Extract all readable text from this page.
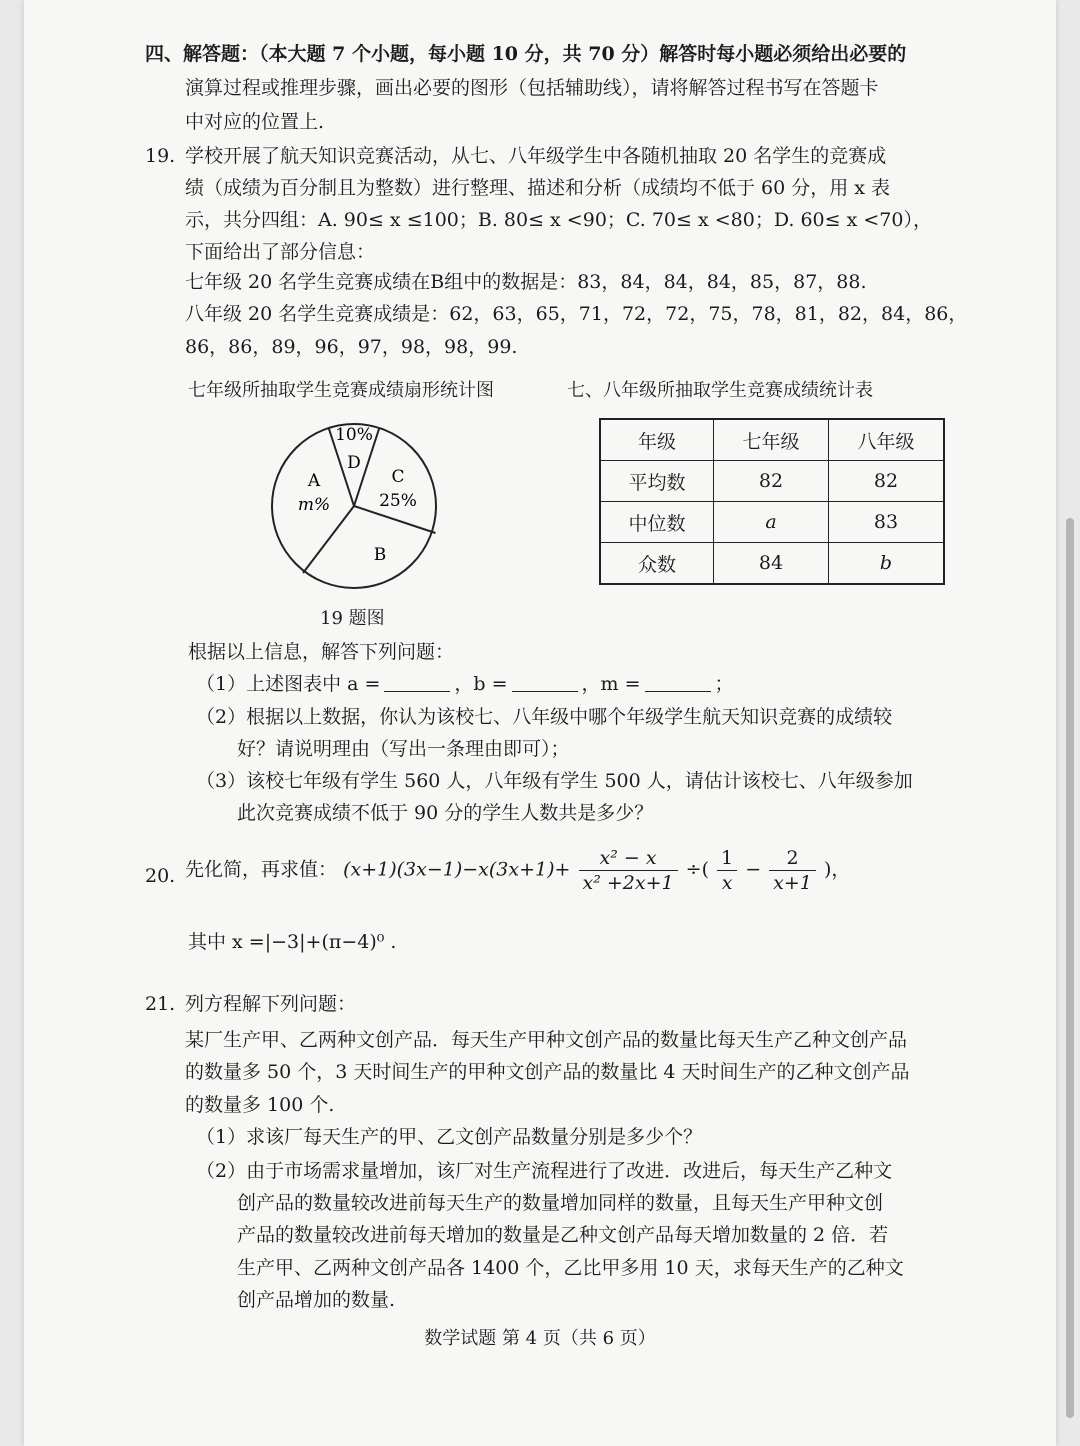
四、解答题：（本大题 7 个小题，每小题 10 分，共 70 分）解答时每小题必须给出必要的
演算过程或推理步骤，画出必要的图形（包括辅助线），请将解答过程书写在答题卡
中对应的位置上.
19. 学校开展了航天知识竞赛活动，从七、八年级学生中各随机抽取 20 名学生的竞赛成
绩（成绩为百分制且为整数）进行整理、描述和分析（成绩均不低于 60 分，用 x 表
示，共分四组：A. 90≤ x ≤100；B. 80≤ x <90；C. 70≤ x <80；D. 60≤ x <70），
下面给出了部分信息：
七年级 20 名学生竞赛成绩在B组中的数据是：83，84，84，84，85，87，88.
八年级 20 名学生竞赛成绩是：62，63，65，71，72，72，75，78，81，82，84，86，
86，86，89，96，97，98，98，99.
七年级所抽取学生竞赛成绩扇形统计图	七、八年级所抽取学生竞赛成绩统计表
10%
D
A
m%
C
25%
B
19 题图
年级	七年级	八年级
平均数	82	82
中位数	a	83
众数	84	b
根据以上信息，解答下列问题：
（1）上述图表中 a =	，b =	，m =	；
（2）根据以上数据，你认为该校七、八年级中哪个年级学生航天知识竞赛的成绩较
好？请说明理由（写出一条理由即可）；
（3）该校七年级有学生 560 人，八年级有学生 500 人，请估计该校七、八年级参加
此次竞赛成绩不低于 90 分的学生人数共是多少？
20. 先化简，再求值： $(x+1)(3x-1)-x(3x+1)+ \frac{\text{x² − x}}{\text{x² +2x+1}}$ ÷( $\frac{1}{x} - \frac{2}{x+1}$ )，
其中 x =|−3|+(π−4)⁰ .
21. 列方程解下列问题：
某厂生产甲、乙两种文创产品．每天生产甲种文创产品的数量比每天生产乙种文创产品
的数量多 50 个，3 天时间生产的甲种文创产品的数量比 4 天时间生产的乙种文创产品
的数量多 100 个.
（1）求该厂每天生产的甲、乙文创产品数量分别是多少个？
（2）由于市场需求量增加，该厂对生产流程进行了改进．改进后，每天生产乙种文
创产品的数量较改进前每天生产的数量增加同样的数量，且每天生产甲种文创
产品的数量较改进前每天增加的数量是乙种文创产品每天增加数量的 2 倍．若
生产甲、乙两种文创产品各 1400 个，乙比甲多用 10 天，求每天生产的乙种文
创产品增加的数量.
数学试题 第 4 页（共 6 页）
